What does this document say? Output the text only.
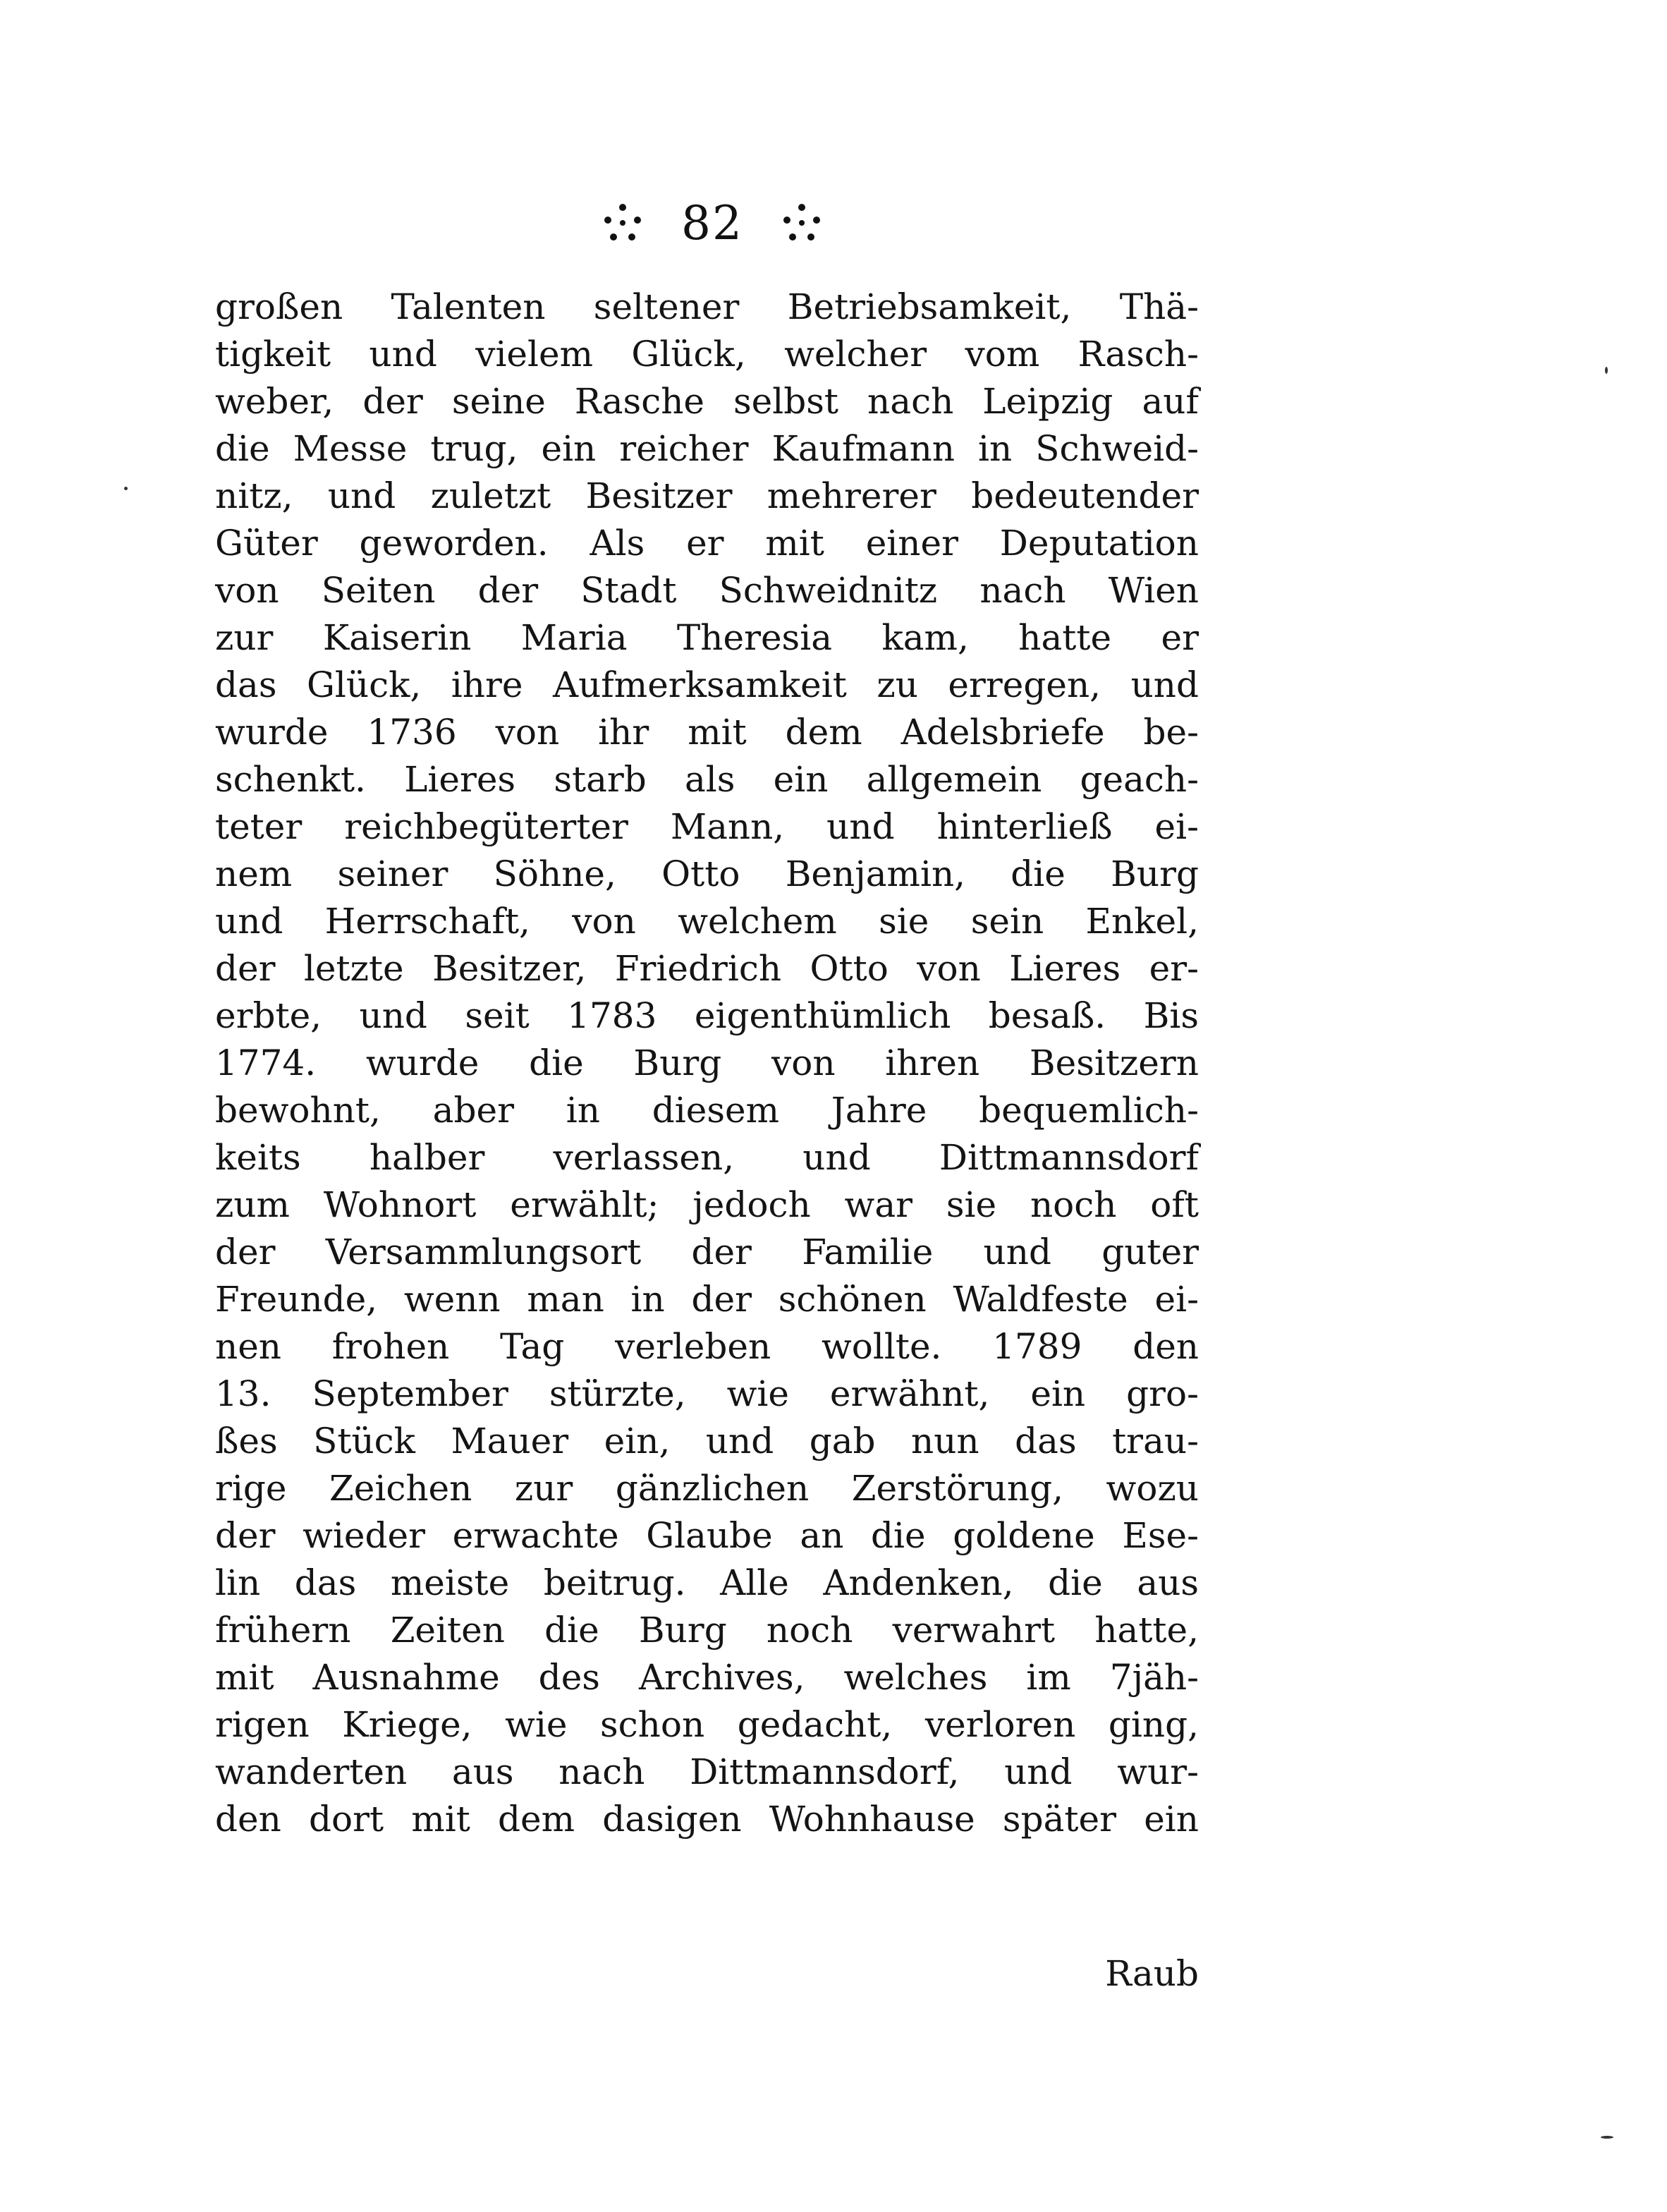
82
großen Talenten seltener Betriebsamkeit, Thä-
tigkeit und vielem Glück, welcher vom Rasch-
weber, der seine Rasche selbst nach Leipzig auf
die Messe trug, ein reicher Kaufmann in Schweid-
nitz, und zuletzt Besitzer mehrerer bedeutender
Güter geworden. Als er mit einer Deputation
von Seiten der Stadt Schweidnitz nach Wien
zur Kaiserin Maria Theresia kam, hatte er
das Glück, ihre Aufmerksamkeit zu erregen, und
wurde 1736 von ihr mit dem Adelsbriefe be-
schenkt. Lieres starb als ein allgemein geach-
teter reichbegüterter Mann, und hinterließ ei-
nem seiner Söhne, Otto Benjamin, die Burg
und Herrschaft, von welchem sie sein Enkel,
der letzte Besitzer, Friedrich Otto von Lieres er-
erbte, und seit 1783 eigenthümlich besaß. Bis
1774. wurde die Burg von ihren Besitzern
bewohnt, aber in diesem Jahre bequemlich-
keits halber verlassen, und Dittmannsdorf
zum Wohnort erwählt; jedoch war sie noch oft
der Versammlungsort der Familie und guter
Freunde, wenn man in der schönen Waldfeste ei-
nen frohen Tag verleben wollte. 1789 den
13. September stürzte, wie erwähnt, ein gro-
ßes Stück Mauer ein, und gab nun das trau-
rige Zeichen zur gänzlichen Zerstörung, wozu
der wieder erwachte Glaube an die goldene Ese-
lin das meiste beitrug. Alle Andenken, die aus
frühern Zeiten die Burg noch verwahrt hatte,
mit Ausnahme des Archives, welches im 7jäh-
rigen Kriege, wie schon gedacht, verloren ging,
wanderten aus nach Dittmannsdorf, und wur-
den dort mit dem dasigen Wohnhause später ein
Raub
